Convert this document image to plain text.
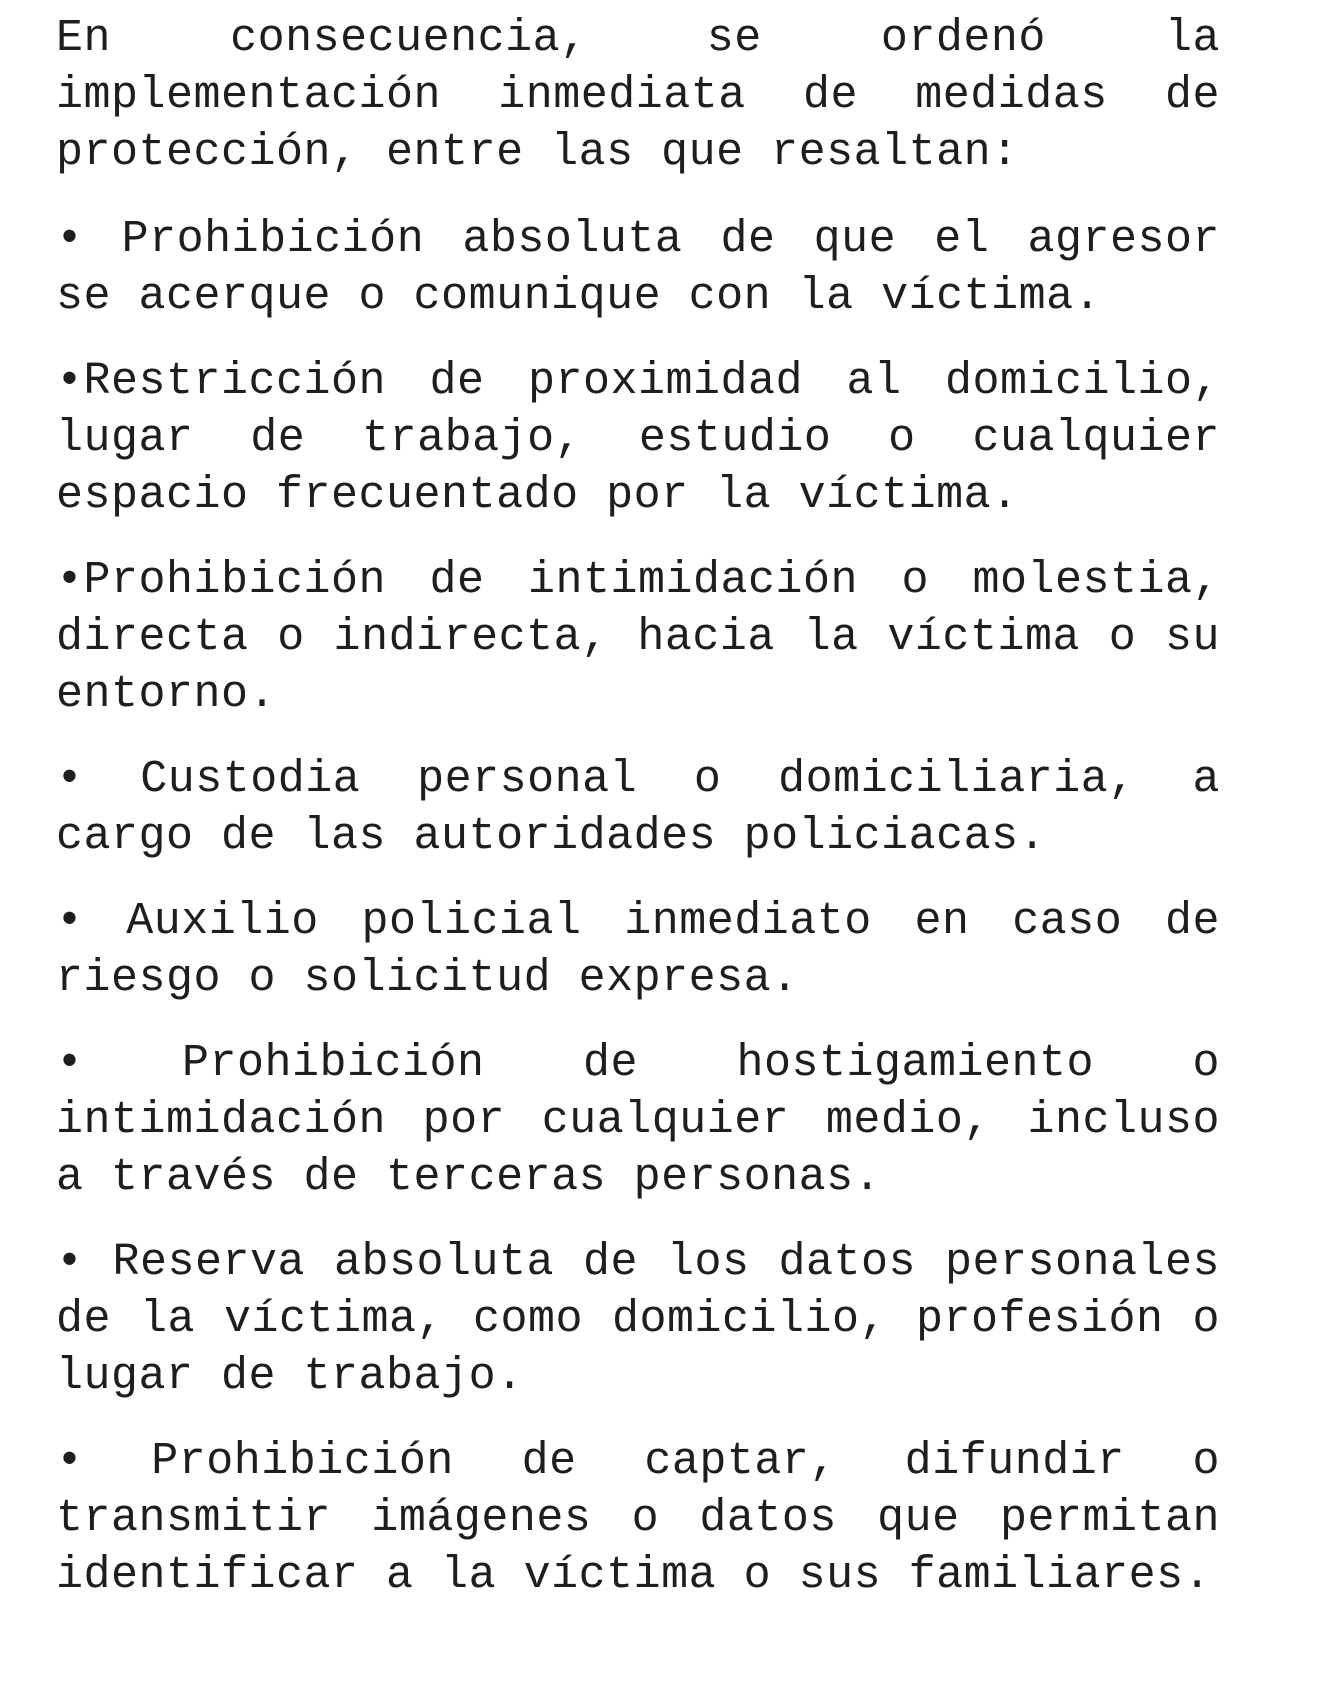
En consecuencia, se ordenó la implementación inmediata de medidas de protección, entre las que resaltan:

• Prohibición absoluta de que el agresor se acerque o comunique con la víctima.

•Restricción de proximidad al domicilio, lugar de trabajo, estudio o cualquier espacio frecuentado por la víctima.

•Prohibición de intimidación o molestia, directa o indirecta, hacia la víctima o su entorno.

• Custodia personal o domiciliaria, a cargo de las autoridades policiacas.

• Auxilio policial inmediato en caso de riesgo o solicitud expresa.

• Prohibición de hostigamiento o intimidación por cualquier medio, incluso a través de terceras personas.

• Reserva absoluta de los datos personales de la víctima, como domicilio, profesión o lugar de trabajo.

• Prohibición de captar, difundir o transmitir imágenes o datos que permitan identificar a la víctima o sus familiares.
